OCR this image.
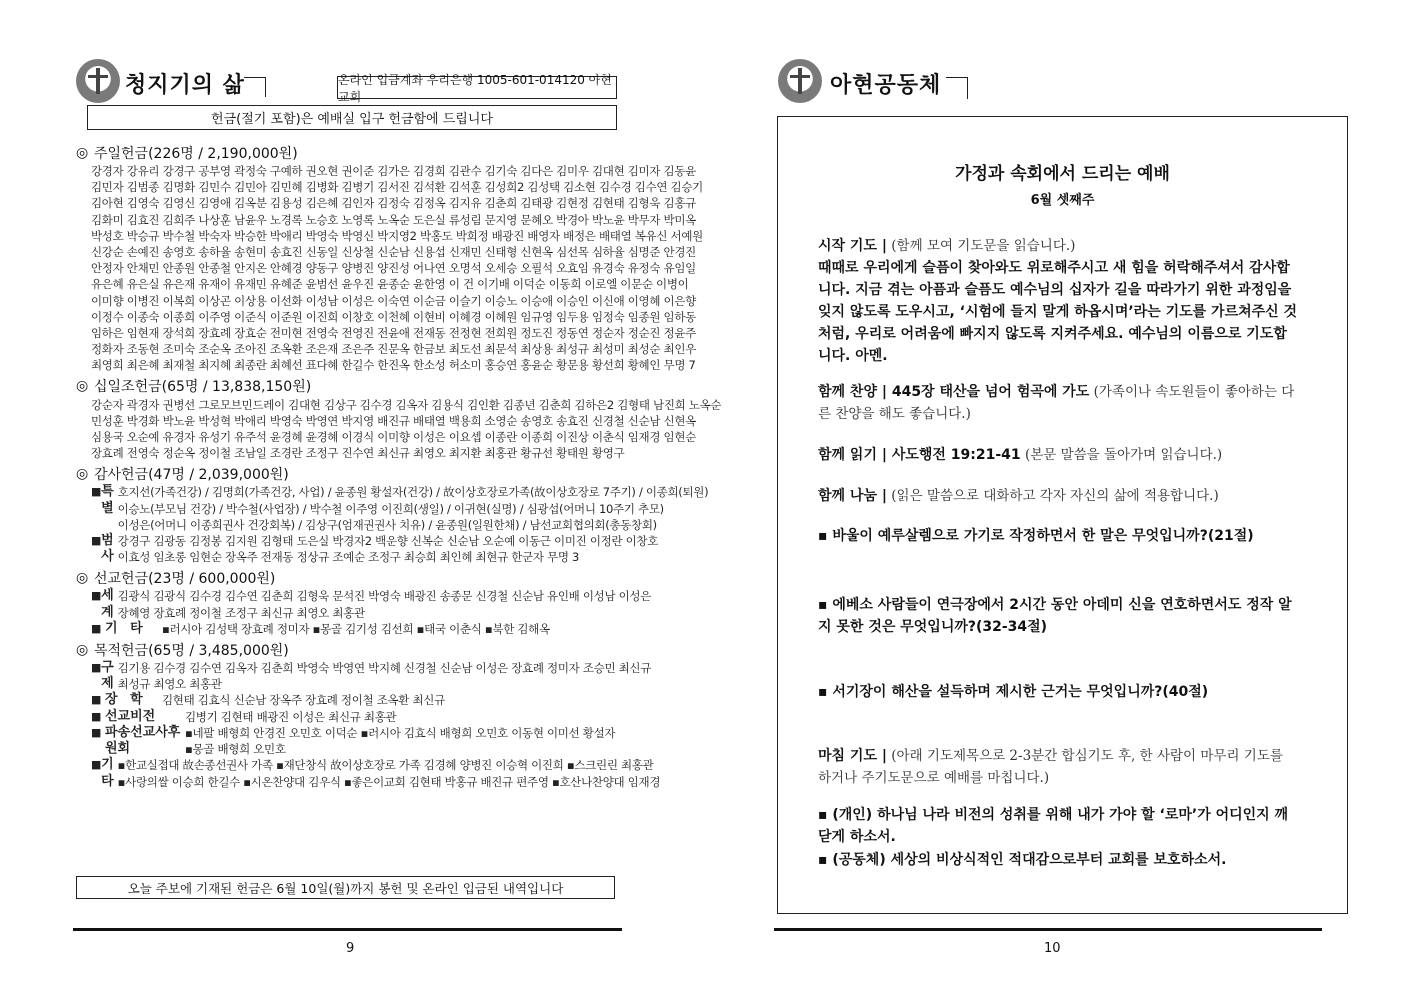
청지기의 삶	온라인 입금계좌 우리은행 1005-601-014120 아현교회
헌금(절기 포함)은 예배실 입구 헌금함에 드립니다
◎ 주일헌금(226명 / 2,190,000원)
강경자 강유리 강경구 공부영 곽정숙 구예하 권오현 권이준 김가은 김경희 김관수 김기숙 김다은 김미우 김대현 김미자 김동윤
김민자 김범종 김명화 김민수 김민아 김민혜 김병화 김병기 김서진 김석환 김석훈 김성희2 김성택 김소현 김수경 김수연 김승기
김아현 김영숙 김영신 김영애 김옥분 김용성 김은혜 김인자 김정숙 김정옥 김지유 김춘희 김태광 김현정 김현태 김형욱 김홍규
김화미 김효진 김희주 나상훈 남윤우 노경록 노승호 노영록 노옥순 도은실 류성림 문지영 문혜오 박경아 박노윤 박무자 박미옥
박성호 박승규 박수철 박숙자 박승한 박애리 박영숙 박영신 박지영2 박홍도 박희정 배광진 배영자 배정은 배태열 복유신 서예원
신강순 손예진 송영호 송하율 송현미 송효진 신동일 신상철 신순남 신용섭 신재민 신태형 신현옥 심선목 심하율 심명준 안경진
안정자 안채민 안종원 안종철 안지온 안혜경 양동구 양병진 양진성 어나연 오명석 오세승 오필석 오효임 유경숙 유정숙 유임일
유은혜 유은실 유은재 유재이 유재민 유혜준 윤범선 윤우진 윤종순 윤한영 이 건 이기배 이덕순 이동희 이로엘 이문순 이병이
이미향 이병진 이복희 이상곤 이상용 이선화 이성남 이성은 이숙연 이순금 이슬기 이승노 이승애 이승인 이신애 이영혜 이은향
이정수 이종숙 이종희 이주영 이준식 이준원 이진희 이창호 이천혜 이현비 이혜경 이혜원 임규영 임두용 임정숙 임종원 임하동
임하은 임현재 장석희 장효례 장효순 전미현 전영숙 전영진 전윤애 전재동 전정현 전희원 정도진 정동연 정순자 정순진 정윤주
정화자 조동현 조미숙 조순옥 조아진 조옥환 조은재 조은주 진문옥 한금보 최도선 최문석 최상용 최성규 최성미 최성순 최인우
최영희 최은혜 최재철 최지혜 최종란 최혜선 표다혜 한길수 한진옥 한소성 허소미 홍승연 홍윤순 황문용 황선희 황혜인 무명 7
◎ 십일조헌금(65명 / 13,838,150원)
강순자 곽경자 권병선 그로모브민드레이 김대현 김상구 김수경 김옥자 김용식 김인환 김종년 김춘희 김하은2 김형태 남진희 노옥순
민성훈 박경화 박노윤 박성혁 박애리 박영숙 박영연 박지영 배진규 배태열 백용희 소영순 송영호 송효진 신경철 신순남 신현옥
심용국 오순예 유경자 유성기 유주석 윤경혜 윤경혜 이경식 이미향 이성은 이요셉 이종란 이종희 이진상 이춘식 임재경 임현순
장효례 전영숙 정순옥 정이철 조남일 조경란 조정구 진수연 최신규 최영오 최지환 최홍관 황규선 황태원 황영구
◎ 감사헌금(47명 / 2,039,000원)
■ 특 별
호지선(가족건강) / 김명희(가족건강, 사업) / 윤종원 황설자(건강) / 故이상호장로가족(故이상호장로 7주기) / 이종희(퇴원)
이승노(부모님 건강) / 박수철(사업장) / 박수철 이주영 이진희(생일) / 이귀현(실명) / 심광섭(어머니 10주기 추모)
이성은(어머니 이종희권사 건강회복) / 김상구(엄재권권사 치유) / 윤종원(일원한채) / 남선교회협의회(총동창회)
■ 범 사
강경구 김광동 김정봉 김지원 김형태 도은실 박경자2 백운향 신복순 신순남 오순예 이동근 이미진 이정란 이창호
이효성 임초롱 임현순 장옥주 전재동 정상규 조예순 조정구 최승희 최인혜 최현규 한군자 무명 3
◎ 선교헌금(23명 / 600,000원)
■ 세 계
김광식 김광식 김수경 김수연 김춘희 김형욱 문석진 박영숙 배광진 송종문 신경철 신순남 유인배 이성남 이성은
장혜영 장효례 정이철 조정구 최신규 최영오 최홍관
■ 기 타	▪러시아 김성택 장효례 정미자 ▪몽골 김기성 김선희 ▪태국 이춘식 ▪북한 김해옥
◎ 목적헌금(65명 / 3,485,000원)
■ 구 제
김기용 김수경 김수연 김옥자 김춘희 박영숙 박영연 박지혜 신경철 신순남 이성은 장효례 정미자 조승민 최신규
최성규 최영오 최홍관
■ 장 학	김현태 김효식 신순남 장옥주 장효례 정이철 조옥환 최신규
■ 선교비전	김병기 김현태 배광진 이성은 최신규 최홍관
■ 파송선교사후원회
▪네팔 배형희 안경진 오민호 이덕순 ▪러시아 김효식 배형희 오민호 이동현 이미선 황설자
▪몽골 배형희 오민호
■ 기 타
▪한교실접대 故손종선권사 가족 ▪재단창식 故이상호장로 가족 김경혜 양병진 이승혁 이진희 ▪스크린린 최홍관
▪사랑의쌀 이승희 한길수 ▪시온찬양대 김우식 ▪좋은이교회 김현태 박홍규 배진규 편주영 ▪호산나찬양대 임재경
오늘 주보에 기재된 헌금은 6월 10일(월)까지 봉헌 및 온라인 입금된 내역입니다
9
아현공동체
10
가정과 속회에서 드리는 예배
6월 셋째주
시작 기도 | (함께 모여 기도문을 읽습니다.)
때때로 우리에게 슬픔이 찾아와도 위로해주시고 새 힘을 허락해주셔서 감사합니다. 지금 겪는 아픔과 슬픔도 예수님의 십자가 길을 따라가기 위한 과정임을 잊지 않도록 도우시고, ‘시험에 들지 말게 하옵시며’라는 기도를 가르쳐주신 것처럼, 우리로 어려움에 빠지지 않도록 지켜주세요. 예수님의 이름으로 기도합니다. 아멘.
함께 찬양 | 445장 태산을 넘어 험곡에 가도 (가족이나 속도원들이 좋아하는 다른 찬양을 해도 좋습니다.)
함께 읽기 | 사도행전 19:21-41 (본문 말씀을 돌아가며 읽습니다.)
함께 나눔 | (읽은 말씀으로 대화하고 각자 자신의 삶에 적용합니다.)
▪ 바울이 예루살렘으로 가기로 작정하면서 한 말은 무엇입니까?(21절)
▪ 에베소 사람들이 연극장에서 2시간 동안 아데미 신을 연호하면서도 정작 알지 못한 것은 무엇입니까?(32-34절)
▪ 서기장이 해산을 설득하며 제시한 근거는 무엇입니까?(40절)
마침 기도 | (아래 기도제목으로 2-3분간 합심기도 후, 한 사람이 마무리 기도를 하거나 주기도문으로 예배를 마칩니다.)
▪ (개인) 하나님 나라 비전의 성취를 위해 내가 가야 할 ‘로마’가 어디인지 깨닫게 하소서.
▪ (공동체) 세상의 비상식적인 적대감으로부터 교회를 보호하소서.
